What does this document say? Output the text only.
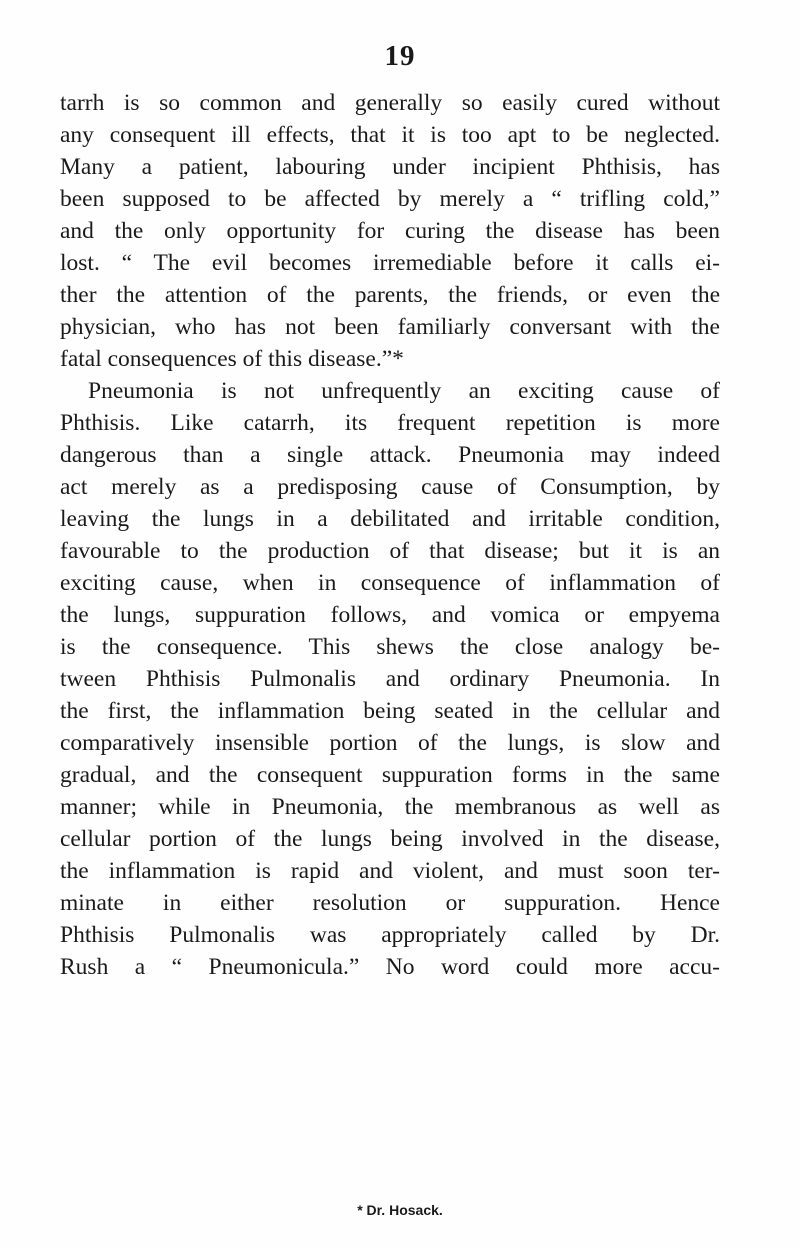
19
tarrh is so common and generally so easily cured without
any consequent ill effects, that it is too apt to be neglected.
Many a patient, labouring under incipient Phthisis, has
been supposed to be affected by merely a “ trifling cold,”
and the only opportunity for curing the disease has been
lost. “ The evil becomes irremediable before it calls ei-
ther the attention of the parents, the friends, or even the
physician, who has not been familiarly conversant with the
fatal consequences of this disease.”*
Pneumonia is not unfrequently an exciting cause of
Phthisis. Like catarrh, its frequent repetition is more
dangerous than a single attack. Pneumonia may indeed
act merely as a predisposing cause of Consumption, by
leaving the lungs in a debilitated and irritable condition,
favourable to the production of that disease; but it is an
exciting cause, when in consequence of inflammation of
the lungs, suppuration follows, and vomica or empyema
is the consequence. This shews the close analogy be-
tween Phthisis Pulmonalis and ordinary Pneumonia. In
the first, the inflammation being seated in the cellular and
comparatively insensible portion of the lungs, is slow and
gradual, and the consequent suppuration forms in the same
manner; while in Pneumonia, the membranous as well as
cellular portion of the lungs being involved in the disease,
the inflammation is rapid and violent, and must soon ter-
minate in either resolution or suppuration. Hence
Phthisis Pulmonalis was appropriately called by Dr.
Rush a “ Pneumonicula.” No word could more accu-
* Dr. Hosack.
